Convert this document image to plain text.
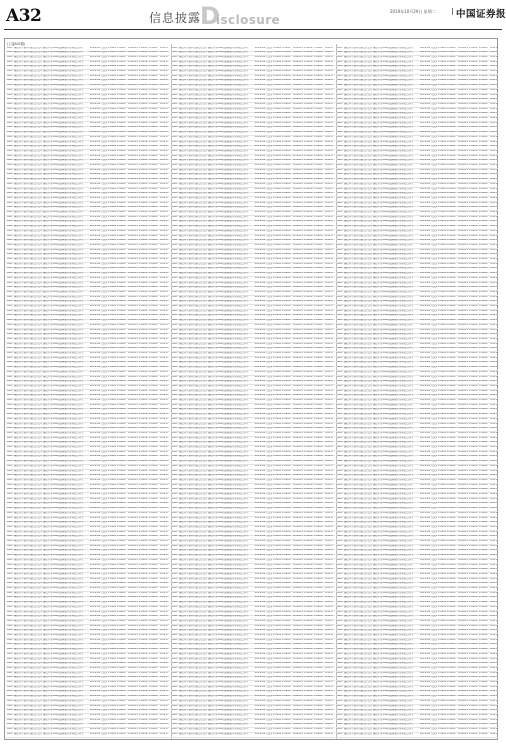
A32	信息披露
D
isclosure
2019年10月29日 星期二 中国证券报
(上接A31版)
0001 建信基金管理有限责任公司 建信中证500指数增强型证券投资基金	2019-09 人民币 1.0000 1.0000	0.0000% 1.0000 1.0000	0.00%
0001 建信基金管理有限责任公司 建信中证500指数增强型证券投资基金	2019-09 人民币 1.0000 1.0000	0.0000% 1.0000 1.0000	0.00%
0001 建信基金管理有限责任公司 建信中证500指数增强型证券投资基金	2019-09 人民币 1.0000 1.0000	0.0000% 1.0000 1.0000	0.00%
0001 建信基金管理有限责任公司 建信中证500指数增强型证券投资基金	2019-09 人民币 1.0000 1.0000	0.0000% 1.0000 1.0000	0.00%
0001 建信基金管理有限责任公司 建信中证500指数增强型证券投资基金	2019-09 人民币 1.0000 1.0000	0.0000% 1.0000 1.0000	0.00%
0001 建信基金管理有限责任公司 建信中证500指数增强型证券投资基金	2019-09 人民币 1.0000 1.0000	0.0000% 1.0000 1.0000	0.00%
0001 建信基金管理有限责任公司 建信中证500指数增强型证券投资基金	2019-09 人民币 1.0000 1.0000	0.0000% 1.0000 1.0000	0.00%
0001 建信基金管理有限责任公司 建信中证500指数增强型证券投资基金	2019-09 人民币 1.0000 1.0000	0.0000% 1.0000 1.0000	0.00%
0001 建信基金管理有限责任公司 建信中证500指数增强型证券投资基金	2019-09 人民币 1.0000 1.0000	0.0000% 1.0000 1.0000	0.00%
0001 建信基金管理有限责任公司 建信中证500指数增强型证券投资基金	2019-09 人民币 1.0000 1.0000	0.0000% 1.0000 1.0000	0.00%
0001 建信基金管理有限责任公司 建信中证500指数增强型证券投资基金	2019-09 人民币 1.0000 1.0000	0.0000% 1.0000 1.0000	0.00%
0001 建信基金管理有限责任公司 建信中证500指数增强型证券投资基金	2019-09 人民币 1.0000 1.0000	0.0000% 1.0000 1.0000	0.00%
0001 建信基金管理有限责任公司 建信中证500指数增强型证券投资基金	2019-09 人民币 1.0000 1.0000	0.0000% 1.0000 1.0000	0.00%
0001 建信基金管理有限责任公司 建信中证500指数增强型证券投资基金	2019-09 人民币 1.0000 1.0000	0.0000% 1.0000 1.0000	0.00%
0001 建信基金管理有限责任公司 建信中证500指数增强型证券投资基金	2019-09 人民币 1.0000 1.0000	0.0000% 1.0000 1.0000	0.00%
0001 建信基金管理有限责任公司 建信中证500指数增强型证券投资基金	2019-09 人民币 1.0000 1.0000	0.0000% 1.0000 1.0000	0.00%
0001 建信基金管理有限责任公司 建信中证500指数增强型证券投资基金	2019-09 人民币 1.0000 1.0000	0.0000% 1.0000 1.0000	0.00%
0001 建信基金管理有限责任公司 建信中证500指数增强型证券投资基金	2019-09 人民币 1.0000 1.0000	0.0000% 1.0000 1.0000	0.00%
0001 建信基金管理有限责任公司 建信中证500指数增强型证券投资基金	2019-09 人民币 1.0000 1.0000	0.0000% 1.0000 1.0000	0.00%
0001 建信基金管理有限责任公司 建信中证500指数增强型证券投资基金	2019-09 人民币 1.0000 1.0000	0.0000% 1.0000 1.0000	0.00%
0001 建信基金管理有限责任公司 建信中证500指数增强型证券投资基金	2019-09 人民币 1.0000 1.0000	0.0000% 1.0000 1.0000	0.00%
0001 建信基金管理有限责任公司 建信中证500指数增强型证券投资基金	2019-09 人民币 1.0000 1.0000	0.0000% 1.0000 1.0000	0.00%
0001 建信基金管理有限责任公司 建信中证500指数增强型证券投资基金	2019-09 人民币 1.0000 1.0000	0.0000% 1.0000 1.0000	0.00%
0001 建信基金管理有限责任公司 建信中证500指数增强型证券投资基金	2019-09 人民币 1.0000 1.0000	0.0000% 1.0000 1.0000	0.00%
0001 建信基金管理有限责任公司 建信中证500指数增强型证券投资基金	2019-09 人民币 1.0000 1.0000	0.0000% 1.0000 1.0000	0.00%
0001 建信基金管理有限责任公司 建信中证500指数增强型证券投资基金	2019-09 人民币 1.0000 1.0000	0.0000% 1.0000 1.0000	0.00%
0001 建信基金管理有限责任公司 建信中证500指数增强型证券投资基金	2019-09 人民币 1.0000 1.0000	0.0000% 1.0000 1.0000	0.00%
0001 建信基金管理有限责任公司 建信中证500指数增强型证券投资基金	2019-09 人民币 1.0000 1.0000	0.0000% 1.0000 1.0000	0.00%
0001 建信基金管理有限责任公司 建信中证500指数增强型证券投资基金	2019-09 人民币 1.0000 1.0000	0.0000% 1.0000 1.0000	0.00%
0001 建信基金管理有限责任公司 建信中证500指数增强型证券投资基金	2019-09 人民币 1.0000 1.0000	0.0000% 1.0000 1.0000	0.00%
0001 建信基金管理有限责任公司 建信中证500指数增强型证券投资基金	2019-09 人民币 1.0000 1.0000	0.0000% 1.0000 1.0000	0.00%
0001 建信基金管理有限责任公司 建信中证500指数增强型证券投资基金	2019-09 人民币 1.0000 1.0000	0.0000% 1.0000 1.0000	0.00%
0001 建信基金管理有限责任公司 建信中证500指数增强型证券投资基金	2019-09 人民币 1.0000 1.0000	0.0000% 1.0000 1.0000	0.00%
0001 建信基金管理有限责任公司 建信中证500指数增强型证券投资基金	2019-09 人民币 1.0000 1.0000	0.0000% 1.0000 1.0000	0.00%
0001 建信基金管理有限责任公司 建信中证500指数增强型证券投资基金	2019-09 人民币 1.0000 1.0000	0.0000% 1.0000 1.0000	0.00%
0001 建信基金管理有限责任公司 建信中证500指数增强型证券投资基金	2019-09 人民币 1.0000 1.0000	0.0000% 1.0000 1.0000	0.00%
0001 建信基金管理有限责任公司 建信中证500指数增强型证券投资基金	2019-09 人民币 1.0000 1.0000	0.0000% 1.0000 1.0000	0.00%
0001 建信基金管理有限责任公司 建信中证500指数增强型证券投资基金	2019-09 人民币 1.0000 1.0000	0.0000% 1.0000 1.0000	0.00%
0001 建信基金管理有限责任公司 建信中证500指数增强型证券投资基金	2019-09 人民币 1.0000 1.0000	0.0000% 1.0000 1.0000	0.00%
0001 建信基金管理有限责任公司 建信中证500指数增强型证券投资基金	2019-09 人民币 1.0000 1.0000	0.0000% 1.0000 1.0000	0.00%
0001 建信基金管理有限责任公司 建信中证500指数增强型证券投资基金	2019-09 人民币 1.0000 1.0000	0.0000% 1.0000 1.0000	0.00%
0001 建信基金管理有限责任公司 建信中证500指数增强型证券投资基金	2019-09 人民币 1.0000 1.0000	0.0000% 1.0000 1.0000	0.00%
0001 建信基金管理有限责任公司 建信中证500指数增强型证券投资基金	2019-09 人民币 1.0000 1.0000	0.0000% 1.0000 1.0000	0.00%
0001 建信基金管理有限责任公司 建信中证500指数增强型证券投资基金	2019-09 人民币 1.0000 1.0000	0.0000% 1.0000 1.0000	0.00%
0001 建信基金管理有限责任公司 建信中证500指数增强型证券投资基金	2019-09 人民币 1.0000 1.0000	0.0000% 1.0000 1.0000	0.00%
0001 建信基金管理有限责任公司 建信中证500指数增强型证券投资基金	2019-09 人民币 1.0000 1.0000	0.0000% 1.0000 1.0000	0.00%
0001 建信基金管理有限责任公司 建信中证500指数增强型证券投资基金	2019-09 人民币 1.0000 1.0000	0.0000% 1.0000 1.0000	0.00%
0001 建信基金管理有限责任公司 建信中证500指数增强型证券投资基金	2019-09 人民币 1.0000 1.0000	0.0000% 1.0000 1.0000	0.00%
0001 建信基金管理有限责任公司 建信中证500指数增强型证券投资基金	2019-09 人民币 1.0000 1.0000	0.0000% 1.0000 1.0000	0.00%
0001 建信基金管理有限责任公司 建信中证500指数增强型证券投资基金	2019-09 人民币 1.0000 1.0000	0.0000% 1.0000 1.0000	0.00%
0001 建信基金管理有限责任公司 建信中证500指数增强型证券投资基金	2019-09 人民币 1.0000 1.0000	0.0000% 1.0000 1.0000	0.00%
0001 建信基金管理有限责任公司 建信中证500指数增强型证券投资基金	2019-09 人民币 1.0000 1.0000	0.0000% 1.0000 1.0000	0.00%
0001 建信基金管理有限责任公司 建信中证500指数增强型证券投资基金	2019-09 人民币 1.0000 1.0000	0.0000% 1.0000 1.0000	0.00%
0001 建信基金管理有限责任公司 建信中证500指数增强型证券投资基金	2019-09 人民币 1.0000 1.0000	0.0000% 1.0000 1.0000	0.00%
0001 建信基金管理有限责任公司 建信中证500指数增强型证券投资基金	2019-09 人民币 1.0000 1.0000	0.0000% 1.0000 1.0000	0.00%
0001 建信基金管理有限责任公司 建信中证500指数增强型证券投资基金	2019-09 人民币 1.0000 1.0000	0.0000% 1.0000 1.0000	0.00%
0001 建信基金管理有限责任公司 建信中证500指数增强型证券投资基金	2019-09 人民币 1.0000 1.0000	0.0000% 1.0000 1.0000	0.00%
0001 建信基金管理有限责任公司 建信中证500指数增强型证券投资基金	2019-09 人民币 1.0000 1.0000	0.0000% 1.0000 1.0000	0.00%
0001 建信基金管理有限责任公司 建信中证500指数增强型证券投资基金	2019-09 人民币 1.0000 1.0000	0.0000% 1.0000 1.0000	0.00%
0001 建信基金管理有限责任公司 建信中证500指数增强型证券投资基金	2019-09 人民币 1.0000 1.0000	0.0000% 1.0000 1.0000	0.00%
0001 建信基金管理有限责任公司 建信中证500指数增强型证券投资基金	2019-09 人民币 1.0000 1.0000	0.0000% 1.0000 1.0000	0.00%
0001 建信基金管理有限责任公司 建信中证500指数增强型证券投资基金	2019-09 人民币 1.0000 1.0000	0.0000% 1.0000 1.0000	0.00%
0001 建信基金管理有限责任公司 建信中证500指数增强型证券投资基金	2019-09 人民币 1.0000 1.0000	0.0000% 1.0000 1.0000	0.00%
0001 建信基金管理有限责任公司 建信中证500指数增强型证券投资基金	2019-09 人民币 1.0000 1.0000	0.0000% 1.0000 1.0000	0.00%
0001 建信基金管理有限责任公司 建信中证500指数增强型证券投资基金	2019-09 人民币 1.0000 1.0000	0.0000% 1.0000 1.0000	0.00%
0001 建信基金管理有限责任公司 建信中证500指数增强型证券投资基金	2019-09 人民币 1.0000 1.0000	0.0000% 1.0000 1.0000	0.00%
0001 建信基金管理有限责任公司 建信中证500指数增强型证券投资基金	2019-09 人民币 1.0000 1.0000	0.0000% 1.0000 1.0000	0.00%
0001 建信基金管理有限责任公司 建信中证500指数增强型证券投资基金	2019-09 人民币 1.0000 1.0000	0.0000% 1.0000 1.0000	0.00%
0001 建信基金管理有限责任公司 建信中证500指数增强型证券投资基金	2019-09 人民币 1.0000 1.0000	0.0000% 1.0000 1.0000	0.00%
0001 建信基金管理有限责任公司 建信中证500指数增强型证券投资基金	2019-09 人民币 1.0000 1.0000	0.0000% 1.0000 1.0000	0.00%
0001 建信基金管理有限责任公司 建信中证500指数增强型证券投资基金	2019-09 人民币 1.0000 1.0000	0.0000% 1.0000 1.0000	0.00%
0001 建信基金管理有限责任公司 建信中证500指数增强型证券投资基金	2019-09 人民币 1.0000 1.0000	0.0000% 1.0000 1.0000	0.00%
0001 建信基金管理有限责任公司 建信中证500指数增强型证券投资基金	2019-09 人民币 1.0000 1.0000	0.0000% 1.0000 1.0000	0.00%
0001 建信基金管理有限责任公司 建信中证500指数增强型证券投资基金	2019-09 人民币 1.0000 1.0000	0.0000% 1.0000 1.0000	0.00%
0001 建信基金管理有限责任公司 建信中证500指数增强型证券投资基金	2019-09 人民币 1.0000 1.0000	0.0000% 1.0000 1.0000	0.00%
0001 建信基金管理有限责任公司 建信中证500指数增强型证券投资基金	2019-09 人民币 1.0000 1.0000	0.0000% 1.0000 1.0000	0.00%
0001 建信基金管理有限责任公司 建信中证500指数增强型证券投资基金	2019-09 人民币 1.0000 1.0000	0.0000% 1.0000 1.0000	0.00%
0001 建信基金管理有限责任公司 建信中证500指数增强型证券投资基金	2019-09 人民币 1.0000 1.0000	0.0000% 1.0000 1.0000	0.00%
0001 建信基金管理有限责任公司 建信中证500指数增强型证券投资基金	2019-09 人民币 1.0000 1.0000	0.0000% 1.0000 1.0000	0.00%
0001 建信基金管理有限责任公司 建信中证500指数增强型证券投资基金	2019-09 人民币 1.0000 1.0000	0.0000% 1.0000 1.0000	0.00%
0001 建信基金管理有限责任公司 建信中证500指数增强型证券投资基金	2019-09 人民币 1.0000 1.0000	0.0000% 1.0000 1.0000	0.00%
0001 建信基金管理有限责任公司 建信中证500指数增强型证券投资基金	2019-09 人民币 1.0000 1.0000	0.0000% 1.0000 1.0000	0.00%
0001 建信基金管理有限责任公司 建信中证500指数增强型证券投资基金	2019-09 人民币 1.0000 1.0000	0.0000% 1.0000 1.0000	0.00%
0001 建信基金管理有限责任公司 建信中证500指数增强型证券投资基金	2019-09 人民币 1.0000 1.0000	0.0000% 1.0000 1.0000	0.00%
0001 建信基金管理有限责任公司 建信中证500指数增强型证券投资基金	2019-09 人民币 1.0000 1.0000	0.0000% 1.0000 1.0000	0.00%
0001 建信基金管理有限责任公司 建信中证500指数增强型证券投资基金	2019-09 人民币 1.0000 1.0000	0.0000% 1.0000 1.0000	0.00%
0001 建信基金管理有限责任公司 建信中证500指数增强型证券投资基金	2019-09 人民币 1.0000 1.0000	0.0000% 1.0000 1.0000	0.00%
0001 建信基金管理有限责任公司 建信中证500指数增强型证券投资基金	2019-09 人民币 1.0000 1.0000	0.0000% 1.0000 1.0000	0.00%
0001 建信基金管理有限责任公司 建信中证500指数增强型证券投资基金	2019-09 人民币 1.0000 1.0000	0.0000% 1.0000 1.0000	0.00%
0001 建信基金管理有限责任公司 建信中证500指数增强型证券投资基金	2019-09 人民币 1.0000 1.0000	0.0000% 1.0000 1.0000	0.00%
0001 建信基金管理有限责任公司 建信中证500指数增强型证券投资基金	2019-09 人民币 1.0000 1.0000	0.0000% 1.0000 1.0000	0.00%
0001 建信基金管理有限责任公司 建信中证500指数增强型证券投资基金	2019-09 人民币 1.0000 1.0000	0.0000% 1.0000 1.0000	0.00%
0001 建信基金管理有限责任公司 建信中证500指数增强型证券投资基金	2019-09 人民币 1.0000 1.0000	0.0000% 1.0000 1.0000	0.00%
0001 建信基金管理有限责任公司 建信中证500指数增强型证券投资基金	2019-09 人民币 1.0000 1.0000	0.0000% 1.0000 1.0000	0.00%
0001 建信基金管理有限责任公司 建信中证500指数增强型证券投资基金	2019-09 人民币 1.0000 1.0000	0.0000% 1.0000 1.0000	0.00%
0001 建信基金管理有限责任公司 建信中证500指数增强型证券投资基金	2019-09 人民币 1.0000 1.0000	0.0000% 1.0000 1.0000	0.00%
0001 建信基金管理有限责任公司 建信中证500指数增强型证券投资基金	2019-09 人民币 1.0000 1.0000	0.0000% 1.0000 1.0000	0.00%
0001 建信基金管理有限责任公司 建信中证500指数增强型证券投资基金	2019-09 人民币 1.0000 1.0000	0.0000% 1.0000 1.0000	0.00%
0001 建信基金管理有限责任公司 建信中证500指数增强型证券投资基金	2019-09 人民币 1.0000 1.0000	0.0000% 1.0000 1.0000	0.00%
0001 建信基金管理有限责任公司 建信中证500指数增强型证券投资基金	2019-09 人民币 1.0000 1.0000	0.0000% 1.0000 1.0000	0.00%
0001 建信基金管理有限责任公司 建信中证500指数增强型证券投资基金	2019-09 人民币 1.0000 1.0000	0.0000% 1.0000 1.0000	0.00%
0001 建信基金管理有限责任公司 建信中证500指数增强型证券投资基金	2019-09 人民币 1.0000 1.0000	0.0000% 1.0000 1.0000	0.00%
0001 建信基金管理有限责任公司 建信中证500指数增强型证券投资基金	2019-09 人民币 1.0000 1.0000	0.0000% 1.0000 1.0000	0.00%
0001 建信基金管理有限责任公司 建信中证500指数增强型证券投资基金	2019-09 人民币 1.0000 1.0000	0.0000% 1.0000 1.0000	0.00%
0001 建信基金管理有限责任公司 建信中证500指数增强型证券投资基金	2019-09 人民币 1.0000 1.0000	0.0000% 1.0000 1.0000	0.00%
0001 建信基金管理有限责任公司 建信中证500指数增强型证券投资基金	2019-09 人民币 1.0000 1.0000	0.0000% 1.0000 1.0000	0.00%
0001 建信基金管理有限责任公司 建信中证500指数增强型证券投资基金	2019-09 人民币 1.0000 1.0000	0.0000% 1.0000 1.0000	0.00%
0001 建信基金管理有限责任公司 建信中证500指数增强型证券投资基金	2019-09 人民币 1.0000 1.0000	0.0000% 1.0000 1.0000	0.00%
0001 建信基金管理有限责任公司 建信中证500指数增强型证券投资基金	2019-09 人民币 1.0000 1.0000	0.0000% 1.0000 1.0000	0.00%
0001 建信基金管理有限责任公司 建信中证500指数增强型证券投资基金	2019-09 人民币 1.0000 1.0000	0.0000% 1.0000 1.0000	0.00%
0001 建信基金管理有限责任公司 建信中证500指数增强型证券投资基金	2019-09 人民币 1.0000 1.0000	0.0000% 1.0000 1.0000	0.00%
0001 建信基金管理有限责任公司 建信中证500指数增强型证券投资基金	2019-09 人民币 1.0000 1.0000	0.0000% 1.0000 1.0000	0.00%
0001 建信基金管理有限责任公司 建信中证500指数增强型证券投资基金	2019-09 人民币 1.0000 1.0000	0.0000% 1.0000 1.0000	0.00%
0001 建信基金管理有限责任公司 建信中证500指数增强型证券投资基金	2019-09 人民币 1.0000 1.0000	0.0000% 1.0000 1.0000	0.00%
0001 建信基金管理有限责任公司 建信中证500指数增强型证券投资基金	2019-09 人民币 1.0000 1.0000	0.0000% 1.0000 1.0000	0.00%
0001 建信基金管理有限责任公司 建信中证500指数增强型证券投资基金	2019-09 人民币 1.0000 1.0000	0.0000% 1.0000 1.0000	0.00%
0001 建信基金管理有限责任公司 建信中证500指数增强型证券投资基金	2019-09 人民币 1.0000 1.0000	0.0000% 1.0000 1.0000	0.00%
0001 建信基金管理有限责任公司 建信中证500指数增强型证券投资基金	2019-09 人民币 1.0000 1.0000	0.0000% 1.0000 1.0000	0.00%
0001 建信基金管理有限责任公司 建信中证500指数增强型证券投资基金	2019-09 人民币 1.0000 1.0000	0.0000% 1.0000 1.0000	0.00%
0001 建信基金管理有限责任公司 建信中证500指数增强型证券投资基金	2019-09 人民币 1.0000 1.0000	0.0000% 1.0000 1.0000	0.00%
0001 建信基金管理有限责任公司 建信中证500指数增强型证券投资基金	2019-09 人民币 1.0000 1.0000	0.0000% 1.0000 1.0000	0.00%
0001 建信基金管理有限责任公司 建信中证500指数增强型证券投资基金	2019-09 人民币 1.0000 1.0000	0.0000% 1.0000 1.0000	0.00%
0001 建信基金管理有限责任公司 建信中证500指数增强型证券投资基金	2019-09 人民币 1.0000 1.0000	0.0000% 1.0000 1.0000	0.00%
0001 建信基金管理有限责任公司 建信中证500指数增强型证券投资基金	2019-09 人民币 1.0000 1.0000	0.0000% 1.0000 1.0000	0.00%
0001 建信基金管理有限责任公司 建信中证500指数增强型证券投资基金	2019-09 人民币 1.0000 1.0000	0.0000% 1.0000 1.0000	0.00%
0001 建信基金管理有限责任公司 建信中证500指数增强型证券投资基金	2019-09 人民币 1.0000 1.0000	0.0000% 1.0000 1.0000	0.00%
0001 建信基金管理有限责任公司 建信中证500指数增强型证券投资基金	2019-09 人民币 1.0000 1.0000	0.0000% 1.0000 1.0000	0.00%
0001 建信基金管理有限责任公司 建信中证500指数增强型证券投资基金	2019-09 人民币 1.0000 1.0000	0.0000% 1.0000 1.0000	0.00%
0001 建信基金管理有限责任公司 建信中证500指数增强型证券投资基金	2019-09 人民币 1.0000 1.0000	0.0000% 1.0000 1.0000	0.00%
0001 建信基金管理有限责任公司 建信中证500指数增强型证券投资基金	2019-09 人民币 1.0000 1.0000	0.0000% 1.0000 1.0000	0.00%
0001 建信基金管理有限责任公司 建信中证500指数增强型证券投资基金	2019-09 人民币 1.0000 1.0000	0.0000% 1.0000 1.0000	0.00%
0001 建信基金管理有限责任公司 建信中证500指数增强型证券投资基金	2019-09 人民币 1.0000 1.0000	0.0000% 1.0000 1.0000	0.00%
0001 建信基金管理有限责任公司 建信中证500指数增强型证券投资基金	2019-09 人民币 1.0000 1.0000	0.0000% 1.0000 1.0000	0.00%
0001 建信基金管理有限责任公司 建信中证500指数增强型证券投资基金	2019-09 人民币 1.0000 1.0000	0.0000% 1.0000 1.0000	0.00%
0001 建信基金管理有限责任公司 建信中证500指数增强型证券投资基金	2019-09 人民币 1.0000 1.0000	0.0000% 1.0000 1.0000	0.00%
0001 建信基金管理有限责任公司 建信中证500指数增强型证券投资基金	2019-09 人民币 1.0000 1.0000	0.0000% 1.0000 1.0000	0.00%
0001 建信基金管理有限责任公司 建信中证500指数增强型证券投资基金	2019-09 人民币 1.0000 1.0000	0.0000% 1.0000 1.0000	0.00%
0001 建信基金管理有限责任公司 建信中证500指数增强型证券投资基金	2019-09 人民币 1.0000 1.0000	0.0000% 1.0000 1.0000	0.00%
0001 建信基金管理有限责任公司 建信中证500指数增强型证券投资基金	2019-09 人民币 1.0000 1.0000	0.0000% 1.0000 1.0000	0.00%
0001 建信基金管理有限责任公司 建信中证500指数增强型证券投资基金	2019-09 人民币 1.0000 1.0000	0.0000% 1.0000 1.0000	0.00%
0001 建信基金管理有限责任公司 建信中证500指数增强型证券投资基金	2019-09 人民币 1.0000 1.0000	0.0000% 1.0000 1.0000	0.00%
0001 建信基金管理有限责任公司 建信中证500指数增强型证券投资基金	2019-09 人民币 1.0000 1.0000	0.0000% 1.0000 1.0000	0.00%
0001 建信基金管理有限责任公司 建信中证500指数增强型证券投资基金	2019-09 人民币 1.0000 1.0000	0.0000% 1.0000 1.0000	0.00%
0001 建信基金管理有限责任公司 建信中证500指数增强型证券投资基金	2019-09 人民币 1.0000 1.0000	0.0000% 1.0000 1.0000	0.00%
0001 建信基金管理有限责任公司 建信中证500指数增强型证券投资基金	2019-09 人民币 1.0000 1.0000	0.0000% 1.0000 1.0000	0.00%
0001 建信基金管理有限责任公司 建信中证500指数增强型证券投资基金	2019-09 人民币 1.0000 1.0000	0.0000% 1.0000 1.0000	0.00%
0001 建信基金管理有限责任公司 建信中证500指数增强型证券投资基金	2019-09 人民币 1.0000 1.0000	0.0000% 1.0000 1.0000	0.00%
0001 建信基金管理有限责任公司 建信中证500指数增强型证券投资基金	2019-09 人民币 1.0000 1.0000	0.0000% 1.0000 1.0000	0.00%
0001 建信基金管理有限责任公司 建信中证500指数增强型证券投资基金	2019-09 人民币 1.0000 1.0000	0.0000% 1.0000 1.0000	0.00%
0001 建信基金管理有限责任公司 建信中证500指数增强型证券投资基金	2019-09 人民币 1.0000 1.0000	0.0000% 1.0000 1.0000	0.00%
0001 建信基金管理有限责任公司 建信中证500指数增强型证券投资基金	2019-09 人民币 1.0000 1.0000	0.0000% 1.0000 1.0000	0.00%
0001 建信基金管理有限责任公司 建信中证500指数增强型证券投资基金	2019-09 人民币 1.0000 1.0000	0.0000% 1.0000 1.0000	0.00%
0001 建信基金管理有限责任公司 建信中证500指数增强型证券投资基金	2019-09 人民币 1.0000 1.0000	0.0000% 1.0000 1.0000	0.00%
0001 建信基金管理有限责任公司 建信中证500指数增强型证券投资基金	2019-09 人民币 1.0000 1.0000	0.0000% 1.0000 1.0000	0.00%
0001 建信基金管理有限责任公司 建信中证500指数增强型证券投资基金	2019-09 人民币 1.0000 1.0000	0.0000% 1.0000 1.0000	0.00%
0001 建信基金管理有限责任公司 建信中证500指数增强型证券投资基金	2019-09 人民币 1.0000 1.0000	0.0000% 1.0000 1.0000	0.00%
0001 建信基金管理有限责任公司 建信中证500指数增强型证券投资基金	2019-09 人民币 1.0000 1.0000	0.0000% 1.0000 1.0000	0.00%
0001 建信基金管理有限责任公司 建信中证500指数增强型证券投资基金	2019-09 人民币 1.0000 1.0000	0.0000% 1.0000 1.0000	0.00%
0001 建信基金管理有限责任公司 建信中证500指数增强型证券投资基金	2019-09 人民币 1.0000 1.0000	0.0000% 1.0000 1.0000	0.00%
0001 建信基金管理有限责任公司 建信中证500指数增强型证券投资基金	2019-09 人民币 1.0000 1.0000	0.0000% 1.0000 1.0000	0.00%
0001 建信基金管理有限责任公司 建信中证500指数增强型证券投资基金	2019-09 人民币 1.0000 1.0000	0.0000% 1.0000 1.0000	0.00%
0001 建信基金管理有限责任公司 建信中证500指数增强型证券投资基金	2019-09 人民币 1.0000 1.0000	0.0000% 1.0000 1.0000	0.00%
0001 建信基金管理有限责任公司 建信中证500指数增强型证券投资基金	2019-09 人民币 1.0000 1.0000	0.0000% 1.0000 1.0000	0.00%
0001 建信基金管理有限责任公司 建信中证500指数增强型证券投资基金	2019-09 人民币 1.0000 1.0000	0.0000% 1.0000 1.0000	0.00%
0001 建信基金管理有限责任公司 建信中证500指数增强型证券投资基金	2019-09 人民币 1.0000 1.0000	0.0000% 1.0000 1.0000	0.00%
0001 建信基金管理有限责任公司 建信中证500指数增强型证券投资基金	2019-09 人民币 1.0000 1.0000	0.0000% 1.0000 1.0000	0.00%
0001 建信基金管理有限责任公司 建信中证500指数增强型证券投资基金	2019-09 人民币 1.0000 1.0000	0.0000% 1.0000 1.0000	0.00%
0001 建信基金管理有限责任公司 建信中证500指数增强型证券投资基金	2019-09 人民币 1.0000 1.0000	0.0000% 1.0000 1.0000	0.00%
0001 建信基金管理有限责任公司 建信中证500指数增强型证券投资基金	2019-09 人民币 1.0000 1.0000	0.0000% 1.0000 1.0000	0.00%
0001 建信基金管理有限责任公司 建信中证500指数增强型证券投资基金	2019-09 人民币 1.0000 1.0000	0.0000% 1.0000 1.0000	0.00%
0001 建信基金管理有限责任公司 建信中证500指数增强型证券投资基金	2019-09 人民币 1.0000 1.0000	0.0000% 1.0000 1.0000	0.00%
0001 建信基金管理有限责任公司 建信中证500指数增强型证券投资基金	2019-09 人民币 1.0000 1.0000	0.0000% 1.0000 1.0000	0.00%
0001 建信基金管理有限责任公司 建信中证500指数增强型证券投资基金	2019-09 人民币 1.0000 1.0000	0.0000% 1.0000 1.0000	0.00%
0001 建信基金管理有限责任公司 建信中证500指数增强型证券投资基金	2019-09 人民币 1.0000 1.0000	0.0000% 1.0000 1.0000	0.00%
0001 建信基金管理有限责任公司 建信中证500指数增强型证券投资基金	2019-09 人民币 1.0000 1.0000	0.0000% 1.0000 1.0000	0.00%
0001 建信基金管理有限责任公司 建信中证500指数增强型证券投资基金	2019-09 人民币 1.0000 1.0000	0.0000% 1.0000 1.0000	0.00%
0001 建信基金管理有限责任公司 建信中证500指数增强型证券投资基金	2019-09 人民币 1.0000 1.0000	0.0000% 1.0000 1.0000	0.00%
0001 建信基金管理有限责任公司 建信中证500指数增强型证券投资基金	2019-09 人民币 1.0000 1.0000	0.0000% 1.0000 1.0000	0.00%
0001 建信基金管理有限责任公司 建信中证500指数增强型证券投资基金	2019-09 人民币 1.0000 1.0000	0.0000% 1.0000 1.0000	0.00%
0001 建信基金管理有限责任公司 建信中证500指数增强型证券投资基金	2019-09 人民币 1.0000 1.0000	0.0000% 1.0000 1.0000	0.00%
0001 建信基金管理有限责任公司 建信中证500指数增强型证券投资基金	2019-09 人民币 1.0000 1.0000	0.0000% 1.0000 1.0000	0.00%
0001 建信基金管理有限责任公司 建信中证500指数增强型证券投资基金	2019-09 人民币 1.0000 1.0000	0.0000% 1.0000 1.0000	0.00%
0001 建信基金管理有限责任公司 建信中证500指数增强型证券投资基金	2019-09 人民币 1.0000 1.0000	0.0000% 1.0000 1.0000	0.00%
0001 建信基金管理有限责任公司 建信中证500指数增强型证券投资基金	2019-09 人民币 1.0000 1.0000	0.0000% 1.0000 1.0000	0.00%
0001 建信基金管理有限责任公司 建信中证500指数增强型证券投资基金	2019-09 人民币 1.0000 1.0000	0.0000% 1.0000 1.0000	0.00%
0001 建信基金管理有限责任公司 建信中证500指数增强型证券投资基金	2019-09 人民币 1.0000 1.0000	0.0000% 1.0000 1.0000	0.00%
0001 建信基金管理有限责任公司 建信中证500指数增强型证券投资基金	2019-09 人民币 1.0000 1.0000	0.0000% 1.0000 1.0000	0.00%
0001 建信基金管理有限责任公司 建信中证500指数增强型证券投资基金	2019-09 人民币 1.0000 1.0000	0.0000% 1.0000 1.0000	0.00%
0001 建信基金管理有限责任公司 建信中证500指数增强型证券投资基金	2019-09 人民币 1.0000 1.0000	0.0000% 1.0000 1.0000	0.00%
0001 建信基金管理有限责任公司 建信中证500指数增强型证券投资基金	2019-09 人民币 1.0000 1.0000	0.0000% 1.0000 1.0000	0.00%
0001 建信基金管理有限责任公司 建信中证500指数增强型证券投资基金	2019-09 人民币 1.0000 1.0000	0.0000% 1.0000 1.0000	0.00%
0001 建信基金管理有限责任公司 建信中证500指数增强型证券投资基金	2019-09 人民币 1.0000 1.0000	0.0000% 1.0000 1.0000	0.00%
0001 建信基金管理有限责任公司 建信中证500指数增强型证券投资基金	2019-09 人民币 1.0000 1.0000	0.0000% 1.0000 1.0000	0.00%
0001 建信基金管理有限责任公司 建信中证500指数增强型证券投资基金	2019-09 人民币 1.0000 1.0000	0.0000% 1.0000 1.0000	0.00%
0001 建信基金管理有限责任公司 建信中证500指数增强型证券投资基金	2019-09 人民币 1.0000 1.0000	0.0000% 1.0000 1.0000	0.00%
0001 建信基金管理有限责任公司 建信中证500指数增强型证券投资基金	2019-09 人民币 1.0000 1.0000	0.0000% 1.0000 1.0000	0.00%
0001 建信基金管理有限责任公司 建信中证500指数增强型证券投资基金	2019-09 人民币 1.0000 1.0000	0.0000% 1.0000 1.0000	0.00%
0001 建信基金管理有限责任公司 建信中证500指数增强型证券投资基金	2019-09 人民币 1.0000 1.0000	0.0000% 1.0000 1.0000	0.00%
0001 建信基金管理有限责任公司 建信中证500指数增强型证券投资基金	2019-09 人民币 1.0000 1.0000	0.0000% 1.0000 1.0000	0.00%
0001 建信基金管理有限责任公司 建信中证500指数增强型证券投资基金	2019-09 人民币 1.0000 1.0000	0.0000% 1.0000 1.0000	0.00%
0001 建信基金管理有限责任公司 建信中证500指数增强型证券投资基金	2019-09 人民币 1.0000 1.0000	0.0000% 1.0000 1.0000	0.00%
0001 建信基金管理有限责任公司 建信中证500指数增强型证券投资基金	2019-09 人民币 1.0000 1.0000	0.0000% 1.0000 1.0000	0.00%
0001 建信基金管理有限责任公司 建信中证500指数增强型证券投资基金	2019-09 人民币 1.0000 1.0000	0.0000% 1.0000 1.0000	0.00%
0001 建信基金管理有限责任公司 建信中证500指数增强型证券投资基金	2019-09 人民币 1.0000 1.0000	0.0000% 1.0000 1.0000	0.00%
0001 建信基金管理有限责任公司 建信中证500指数增强型证券投资基金	2019-09 人民币 1.0000 1.0000	0.0000% 1.0000 1.0000	0.00%
0001 建信基金管理有限责任公司 建信中证500指数增强型证券投资基金	2019-09 人民币 1.0000 1.0000	0.0000% 1.0000 1.0000	0.00%
0001 建信基金管理有限责任公司 建信中证500指数增强型证券投资基金	2019-09 人民币 1.0000 1.0000	0.0000% 1.0000 1.0000	0.00%
0001 建信基金管理有限责任公司 建信中证500指数增强型证券投资基金	2019-09 人民币 1.0000 1.0000	0.0000% 1.0000 1.0000	0.00%
0001 建信基金管理有限责任公司 建信中证500指数增强型证券投资基金	2019-09 人民币 1.0000 1.0000	0.0000% 1.0000 1.0000	0.00%
0001 建信基金管理有限责任公司 建信中证500指数增强型证券投资基金	2019-09 人民币 1.0000 1.0000	0.0000% 1.0000 1.0000	0.00%
0001 建信基金管理有限责任公司 建信中证500指数增强型证券投资基金	2019-09 人民币 1.0000 1.0000	0.0000% 1.0000 1.0000	0.00%
0001 建信基金管理有限责任公司 建信中证500指数增强型证券投资基金	2019-09 人民币 1.0000 1.0000	0.0000% 1.0000 1.0000	0.00%
0001 建信基金管理有限责任公司 建信中证500指数增强型证券投资基金	2019-09 人民币 1.0000 1.0000	0.0000% 1.0000 1.0000	0.00%
0001 建信基金管理有限责任公司 建信中证500指数增强型证券投资基金	2019-09 人民币 1.0000 1.0000	0.0000% 1.0000 1.0000	0.00%
0001 建信基金管理有限责任公司 建信中证500指数增强型证券投资基金	2019-09 人民币 1.0000 1.0000	0.0000% 1.0000 1.0000	0.00%
0001 建信基金管理有限责任公司 建信中证500指数增强型证券投资基金	2019-09 人民币 1.0000 1.0000	0.0000% 1.0000 1.0000	0.00%
0001 建信基金管理有限责任公司 建信中证500指数增强型证券投资基金	2019-09 人民币 1.0000 1.0000	0.0000% 1.0000 1.0000	0.00%
0001 建信基金管理有限责任公司 建信中证500指数增强型证券投资基金	2019-09 人民币 1.0000 1.0000	0.0000% 1.0000 1.0000	0.00%
0001 建信基金管理有限责任公司 建信中证500指数增强型证券投资基金	2019-09 人民币 1.0000 1.0000	0.0000% 1.0000 1.0000	0.00%
0001 建信基金管理有限责任公司 建信中证500指数增强型证券投资基金	2019-09 人民币 1.0000 1.0000	0.0000% 1.0000 1.0000	0.00%
0001 建信基金管理有限责任公司 建信中证500指数增强型证券投资基金	2019-09 人民币 1.0000 1.0000	0.0000% 1.0000 1.0000	0.00%
0001 建信基金管理有限责任公司 建信中证500指数增强型证券投资基金	2019-09 人民币 1.0000 1.0000	0.0000% 1.0000 1.0000	0.00%
0001 建信基金管理有限责任公司 建信中证500指数增强型证券投资基金	2019-09 人民币 1.0000 1.0000	0.0000% 1.0000 1.0000	0.00%
0001 建信基金管理有限责任公司 建信中证500指数增强型证券投资基金	2019-09 人民币 1.0000 1.0000	0.0000% 1.0000 1.0000	0.00%
0001 建信基金管理有限责任公司 建信中证500指数增强型证券投资基金	2019-09 人民币 1.0000 1.0000	0.0000% 1.0000 1.0000	0.00%
0001 建信基金管理有限责任公司 建信中证500指数增强型证券投资基金	2019-09 人民币 1.0000 1.0000	0.0000% 1.0000 1.0000	0.00%
0001 建信基金管理有限责任公司 建信中证500指数增强型证券投资基金	2019-09 人民币 1.0000 1.0000	0.0000% 1.0000 1.0000	0.00%
0001 建信基金管理有限责任公司 建信中证500指数增强型证券投资基金	2019-09 人民币 1.0000 1.0000	0.0000% 1.0000 1.0000	0.00%
0001 建信基金管理有限责任公司 建信中证500指数增强型证券投资基金	2019-09 人民币 1.0000 1.0000	0.0000% 1.0000 1.0000	0.00%
0001 建信基金管理有限责任公司 建信中证500指数增强型证券投资基金	2019-09 人民币 1.0000 1.0000	0.0000% 1.0000 1.0000	0.00%
0001 建信基金管理有限责任公司 建信中证500指数增强型证券投资基金	2019-09 人民币 1.0000 1.0000	0.0000% 1.0000 1.0000	0.00%
0001 建信基金管理有限责任公司 建信中证500指数增强型证券投资基金	2019-09 人民币 1.0000 1.0000	0.0000% 1.0000 1.0000	0.00%
0001 建信基金管理有限责任公司 建信中证500指数增强型证券投资基金	2019-09 人民币 1.0000 1.0000	0.0000% 1.0000 1.0000	0.00%
0001 建信基金管理有限责任公司 建信中证500指数增强型证券投资基金	2019-09 人民币 1.0000 1.0000	0.0000% 1.0000 1.0000	0.00%
0001 建信基金管理有限责任公司 建信中证500指数增强型证券投资基金	2019-09 人民币 1.0000 1.0000	0.0000% 1.0000 1.0000	0.00%
0001 建信基金管理有限责任公司 建信中证500指数增强型证券投资基金	2019-09 人民币 1.0000 1.0000	0.0000% 1.0000 1.0000	0.00%
0001 建信基金管理有限责任公司 建信中证500指数增强型证券投资基金	2019-09 人民币 1.0000 1.0000	0.0000% 1.0000 1.0000	0.00%
0001 建信基金管理有限责任公司 建信中证500指数增强型证券投资基金	2019-09 人民币 1.0000 1.0000	0.0000% 1.0000 1.0000	0.00%
0001 建信基金管理有限责任公司 建信中证500指数增强型证券投资基金	2019-09 人民币 1.0000 1.0000	0.0000% 1.0000 1.0000	0.00%
0001 建信基金管理有限责任公司 建信中证500指数增强型证券投资基金	2019-09 人民币 1.0000 1.0000	0.0000% 1.0000 1.0000	0.00%
0001 建信基金管理有限责任公司 建信中证500指数增强型证券投资基金	2019-09 人民币 1.0000 1.0000	0.0000% 1.0000 1.0000	0.00%
0001 建信基金管理有限责任公司 建信中证500指数增强型证券投资基金	2019-09 人民币 1.0000 1.0000	0.0000% 1.0000 1.0000	0.00%
0001 建信基金管理有限责任公司 建信中证500指数增强型证券投资基金	2019-09 人民币 1.0000 1.0000	0.0000% 1.0000 1.0000	0.00%
0001 建信基金管理有限责任公司 建信中证500指数增强型证券投资基金	2019-09 人民币 1.0000 1.0000	0.0000% 1.0000 1.0000	0.00%
0001 建信基金管理有限责任公司 建信中证500指数增强型证券投资基金	2019-09 人民币 1.0000 1.0000	0.0000% 1.0000 1.0000	0.00%
0001 建信基金管理有限责任公司 建信中证500指数增强型证券投资基金	2019-09 人民币 1.0000 1.0000	0.0000% 1.0000 1.0000	0.00%
0001 建信基金管理有限责任公司 建信中证500指数增强型证券投资基金	2019-09 人民币 1.0000 1.0000	0.0000% 1.0000 1.0000	0.00%
0001 建信基金管理有限责任公司 建信中证500指数增强型证券投资基金	2019-09 人民币 1.0000 1.0000	0.0000% 1.0000 1.0000	0.00%
0001 建信基金管理有限责任公司 建信中证500指数增强型证券投资基金	2019-09 人民币 1.0000 1.0000	0.0000% 1.0000 1.0000	0.00%
0001 建信基金管理有限责任公司 建信中证500指数增强型证券投资基金	2019-09 人民币 1.0000 1.0000	0.0000% 1.0000 1.0000	0.00%
0001 建信基金管理有限责任公司 建信中证500指数增强型证券投资基金	2019-09 人民币 1.0000 1.0000	0.0000% 1.0000 1.0000	0.00%
0001 建信基金管理有限责任公司 建信中证500指数增强型证券投资基金	2019-09 人民币 1.0000 1.0000	0.0000% 1.0000 1.0000	0.00%
0001 建信基金管理有限责任公司 建信中证500指数增强型证券投资基金	2019-09 人民币 1.0000 1.0000	0.0000% 1.0000 1.0000	0.00%
0001 建信基金管理有限责任公司 建信中证500指数增强型证券投资基金	2019-09 人民币 1.0000 1.0000	0.0000% 1.0000 1.0000	0.00%
0001 建信基金管理有限责任公司 建信中证500指数增强型证券投资基金	2019-09 人民币 1.0000 1.0000	0.0000% 1.0000 1.0000	0.00%
0001 建信基金管理有限责任公司 建信中证500指数增强型证券投资基金	2019-09 人民币 1.0000 1.0000	0.0000% 1.0000 1.0000	0.00%
0001 建信基金管理有限责任公司 建信中证500指数增强型证券投资基金	2019-09 人民币 1.0000 1.0000	0.0000% 1.0000 1.0000	0.00%
0001 建信基金管理有限责任公司 建信中证500指数增强型证券投资基金	2019-09 人民币 1.0000 1.0000	0.0000% 1.0000 1.0000	0.00%
0001 建信基金管理有限责任公司 建信中证500指数增强型证券投资基金	2019-09 人民币 1.0000 1.0000	0.0000% 1.0000 1.0000	0.00%
0001 建信基金管理有限责任公司 建信中证500指数增强型证券投资基金	2019-09 人民币 1.0000 1.0000	0.0000% 1.0000 1.0000	0.00%
0001 建信基金管理有限责任公司 建信中证500指数增强型证券投资基金	2019-09 人民币 1.0000 1.0000	0.0000% 1.0000 1.0000	0.00%
0001 建信基金管理有限责任公司 建信中证500指数增强型证券投资基金	2019-09 人民币 1.0000 1.0000	0.0000% 1.0000 1.0000	0.00%
0001 建信基金管理有限责任公司 建信中证500指数增强型证券投资基金	2019-09 人民币 1.0000 1.0000	0.0000% 1.0000 1.0000	0.00%
0001 建信基金管理有限责任公司 建信中证500指数增强型证券投资基金	2019-09 人民币 1.0000 1.0000	0.0000% 1.0000 1.0000	0.00%
0001 建信基金管理有限责任公司 建信中证500指数增强型证券投资基金	2019-09 人民币 1.0000 1.0000	0.0000% 1.0000 1.0000	0.00%
0001 建信基金管理有限责任公司 建信中证500指数增强型证券投资基金	2019-09 人民币 1.0000 1.0000	0.0000% 1.0000 1.0000	0.00%
0001 建信基金管理有限责任公司 建信中证500指数增强型证券投资基金	2019-09 人民币 1.0000 1.0000	0.0000% 1.0000 1.0000	0.00%
0001 建信基金管理有限责任公司 建信中证500指数增强型证券投资基金	2019-09 人民币 1.0000 1.0000	0.0000% 1.0000 1.0000	0.00%
0001 建信基金管理有限责任公司 建信中证500指数增强型证券投资基金	2019-09 人民币 1.0000 1.0000	0.0000% 1.0000 1.0000	0.00%
0001 建信基金管理有限责任公司 建信中证500指数增强型证券投资基金	2019-09 人民币 1.0000 1.0000	0.0000% 1.0000 1.0000	0.00%
0001 建信基金管理有限责任公司 建信中证500指数增强型证券投资基金	2019-09 人民币 1.0000 1.0000	0.0000% 1.0000 1.0000	0.00%
0001 建信基金管理有限责任公司 建信中证500指数增强型证券投资基金	2019-09 人民币 1.0000 1.0000	0.0000% 1.0000 1.0000	0.00%
0001 建信基金管理有限责任公司 建信中证500指数增强型证券投资基金	2019-09 人民币 1.0000 1.0000	0.0000% 1.0000 1.0000	0.00%
0001 建信基金管理有限责任公司 建信中证500指数增强型证券投资基金	2019-09 人民币 1.0000 1.0000	0.0000% 1.0000 1.0000	0.00%
0001 建信基金管理有限责任公司 建信中证500指数增强型证券投资基金	2019-09 人民币 1.0000 1.0000	0.0000% 1.0000 1.0000	0.00%
0001 建信基金管理有限责任公司 建信中证500指数增强型证券投资基金	2019-09 人民币 1.0000 1.0000	0.0000% 1.0000 1.0000	0.00%
0001 建信基金管理有限责任公司 建信中证500指数增强型证券投资基金	2019-09 人民币 1.0000 1.0000	0.0000% 1.0000 1.0000	0.00%
0001 建信基金管理有限责任公司 建信中证500指数增强型证券投资基金	2019-09 人民币 1.0000 1.0000	0.0000% 1.0000 1.0000	0.00%
0001 建信基金管理有限责任公司 建信中证500指数增强型证券投资基金	2019-09 人民币 1.0000 1.0000	0.0000% 1.0000 1.0000	0.00%
0001 建信基金管理有限责任公司 建信中证500指数增强型证券投资基金	2019-09 人民币 1.0000 1.0000	0.0000% 1.0000 1.0000	0.00%
0001 建信基金管理有限责任公司 建信中证500指数增强型证券投资基金	2019-09 人民币 1.0000 1.0000	0.0000% 1.0000 1.0000	0.00%
0001 建信基金管理有限责任公司 建信中证500指数增强型证券投资基金	2019-09 人民币 1.0000 1.0000	0.0000% 1.0000 1.0000	0.00%
0001 建信基金管理有限责任公司 建信中证500指数增强型证券投资基金	2019-09 人民币 1.0000 1.0000	0.0000% 1.0000 1.0000	0.00%
0001 建信基金管理有限责任公司 建信中证500指数增强型证券投资基金	2019-09 人民币 1.0000 1.0000	0.0000% 1.0000 1.0000	0.00%
0001 建信基金管理有限责任公司 建信中证500指数增强型证券投资基金	2019-09 人民币 1.0000 1.0000	0.0000% 1.0000 1.0000	0.00%
0001 建信基金管理有限责任公司 建信中证500指数增强型证券投资基金	2019-09 人民币 1.0000 1.0000	0.0000% 1.0000 1.0000	0.00%
0001 建信基金管理有限责任公司 建信中证500指数增强型证券投资基金	2019-09 人民币 1.0000 1.0000	0.0000% 1.0000 1.0000	0.00%
0001 建信基金管理有限责任公司 建信中证500指数增强型证券投资基金	2019-09 人民币 1.0000 1.0000	0.0000% 1.0000 1.0000	0.00%
0001 建信基金管理有限责任公司 建信中证500指数增强型证券投资基金	2019-09 人民币 1.0000 1.0000	0.0000% 1.0000 1.0000	0.00%
0001 建信基金管理有限责任公司 建信中证500指数增强型证券投资基金	2019-09 人民币 1.0000 1.0000	0.0000% 1.0000 1.0000	0.00%
0001 建信基金管理有限责任公司 建信中证500指数增强型证券投资基金	2019-09 人民币 1.0000 1.0000	0.0000% 1.0000 1.0000	0.00%
0001 建信基金管理有限责任公司 建信中证500指数增强型证券投资基金	2019-09 人民币 1.0000 1.0000	0.0000% 1.0000 1.0000	0.00%
0001 建信基金管理有限责任公司 建信中证500指数增强型证券投资基金	2019-09 人民币 1.0000 1.0000	0.0000% 1.0000 1.0000	0.00%
0001 建信基金管理有限责任公司 建信中证500指数增强型证券投资基金	2019-09 人民币 1.0000 1.0000	0.0000% 1.0000 1.0000	0.00%
0001 建信基金管理有限责任公司 建信中证500指数增强型证券投资基金	2019-09 人民币 1.0000 1.0000	0.0000% 1.0000 1.0000	0.00%
0001 建信基金管理有限责任公司 建信中证500指数增强型证券投资基金	2019-09 人民币 1.0000 1.0000	0.0000% 1.0000 1.0000	0.00%
0001 建信基金管理有限责任公司 建信中证500指数增强型证券投资基金	2019-09 人民币 1.0000 1.0000	0.0000% 1.0000 1.0000	0.00%
0001 建信基金管理有限责任公司 建信中证500指数增强型证券投资基金	2019-09 人民币 1.0000 1.0000	0.0000% 1.0000 1.0000	0.00%
0001 建信基金管理有限责任公司 建信中证500指数增强型证券投资基金	2019-09 人民币 1.0000 1.0000	0.0000% 1.0000 1.0000	0.00%
0001 建信基金管理有限责任公司 建信中证500指数增强型证券投资基金	2019-09 人民币 1.0000 1.0000	0.0000% 1.0000 1.0000	0.00%
0001 建信基金管理有限责任公司 建信中证500指数增强型证券投资基金	2019-09 人民币 1.0000 1.0000	0.0000% 1.0000 1.0000	0.00%
0001 建信基金管理有限责任公司 建信中证500指数增强型证券投资基金	2019-09 人民币 1.0000 1.0000	0.0000% 1.0000 1.0000	0.00%
0001 建信基金管理有限责任公司 建信中证500指数增强型证券投资基金	2019-09 人民币 1.0000 1.0000	0.0000% 1.0000 1.0000	0.00%
0001 建信基金管理有限责任公司 建信中证500指数增强型证券投资基金	2019-09 人民币 1.0000 1.0000	0.0000% 1.0000 1.0000	0.00%
0001 建信基金管理有限责任公司 建信中证500指数增强型证券投资基金	2019-09 人民币 1.0000 1.0000	0.0000% 1.0000 1.0000	0.00%
0001 建信基金管理有限责任公司 建信中证500指数增强型证券投资基金	2019-09 人民币 1.0000 1.0000	0.0000% 1.0000 1.0000	0.00%
0001 建信基金管理有限责任公司 建信中证500指数增强型证券投资基金	2019-09 人民币 1.0000 1.0000	0.0000% 1.0000 1.0000	0.00%
0001 建信基金管理有限责任公司 建信中证500指数增强型证券投资基金	2019-09 人民币 1.0000 1.0000	0.0000% 1.0000 1.0000	0.00%
0001 建信基金管理有限责任公司 建信中证500指数增强型证券投资基金	2019-09 人民币 1.0000 1.0000	0.0000% 1.0000 1.0000	0.00%
0001 建信基金管理有限责任公司 建信中证500指数增强型证券投资基金	2019-09 人民币 1.0000 1.0000	0.0000% 1.0000 1.0000	0.00%
0001 建信基金管理有限责任公司 建信中证500指数增强型证券投资基金	2019-09 人民币 1.0000 1.0000	0.0000% 1.0000 1.0000	0.00%
0001 建信基金管理有限责任公司 建信中证500指数增强型证券投资基金	2019-09 人民币 1.0000 1.0000	0.0000% 1.0000 1.0000	0.00%
0001 建信基金管理有限责任公司 建信中证500指数增强型证券投资基金	2019-09 人民币 1.0000 1.0000	0.0000% 1.0000 1.0000	0.00%
0001 建信基金管理有限责任公司 建信中证500指数增强型证券投资基金	2019-09 人民币 1.0000 1.0000	0.0000% 1.0000 1.0000	0.00%
0001 建信基金管理有限责任公司 建信中证500指数增强型证券投资基金	2019-09 人民币 1.0000 1.0000	0.0000% 1.0000 1.0000	0.00%
0001 建信基金管理有限责任公司 建信中证500指数增强型证券投资基金	2019-09 人民币 1.0000 1.0000	0.0000% 1.0000 1.0000	0.00%
0001 建信基金管理有限责任公司 建信中证500指数增强型证券投资基金	2019-09 人民币 1.0000 1.0000	0.0000% 1.0000 1.0000	0.00%
0001 建信基金管理有限责任公司 建信中证500指数增强型证券投资基金	2019-09 人民币 1.0000 1.0000	0.0000% 1.0000 1.0000	0.00%
0001 建信基金管理有限责任公司 建信中证500指数增强型证券投资基金	2019-09 人民币 1.0000 1.0000	0.0000% 1.0000 1.0000	0.00%
0001 建信基金管理有限责任公司 建信中证500指数增强型证券投资基金	2019-09 人民币 1.0000 1.0000	0.0000% 1.0000 1.0000	0.00%
0001 建信基金管理有限责任公司 建信中证500指数增强型证券投资基金	2019-09 人民币 1.0000 1.0000	0.0000% 1.0000 1.0000	0.00%
0001 建信基金管理有限责任公司 建信中证500指数增强型证券投资基金	2019-09 人民币 1.0000 1.0000	0.0000% 1.0000 1.0000	0.00%
0001 建信基金管理有限责任公司 建信中证500指数增强型证券投资基金	2019-09 人民币 1.0000 1.0000	0.0000% 1.0000 1.0000	0.00%
0001 建信基金管理有限责任公司 建信中证500指数增强型证券投资基金	2019-09 人民币 1.0000 1.0000	0.0000% 1.0000 1.0000	0.00%
0001 建信基金管理有限责任公司 建信中证500指数增强型证券投资基金	2019-09 人民币 1.0000 1.0000	0.0000% 1.0000 1.0000	0.00%
0001 建信基金管理有限责任公司 建信中证500指数增强型证券投资基金	2019-09 人民币 1.0000 1.0000	0.0000% 1.0000 1.0000	0.00%
0001 建信基金管理有限责任公司 建信中证500指数增强型证券投资基金	2019-09 人民币 1.0000 1.0000	0.0000% 1.0000 1.0000	0.00%
0001 建信基金管理有限责任公司 建信中证500指数增强型证券投资基金	2019-09 人民币 1.0000 1.0000	0.0000% 1.0000 1.0000	0.00%
0001 建信基金管理有限责任公司 建信中证500指数增强型证券投资基金	2019-09 人民币 1.0000 1.0000	0.0000% 1.0000 1.0000	0.00%
0001 建信基金管理有限责任公司 建信中证500指数增强型证券投资基金	2019-09 人民币 1.0000 1.0000	0.0000% 1.0000 1.0000	0.00%
0001 建信基金管理有限责任公司 建信中证500指数增强型证券投资基金	2019-09 人民币 1.0000 1.0000	0.0000% 1.0000 1.0000	0.00%
0001 建信基金管理有限责任公司 建信中证500指数增强型证券投资基金	2019-09 人民币 1.0000 1.0000	0.0000% 1.0000 1.0000	0.00%
0001 建信基金管理有限责任公司 建信中证500指数增强型证券投资基金	2019-09 人民币 1.0000 1.0000	0.0000% 1.0000 1.0000	0.00%
0001 建信基金管理有限责任公司 建信中证500指数增强型证券投资基金	2019-09 人民币 1.0000 1.0000	0.0000% 1.0000 1.0000	0.00%
0001 建信基金管理有限责任公司 建信中证500指数增强型证券投资基金	2019-09 人民币 1.0000 1.0000	0.0000% 1.0000 1.0000	0.00%
0001 建信基金管理有限责任公司 建信中证500指数增强型证券投资基金	2019-09 人民币 1.0000 1.0000	0.0000% 1.0000 1.0000	0.00%
0001 建信基金管理有限责任公司 建信中证500指数增强型证券投资基金	2019-09 人民币 1.0000 1.0000	0.0000% 1.0000 1.0000	0.00%
0001 建信基金管理有限责任公司 建信中证500指数增强型证券投资基金	2019-09 人民币 1.0000 1.0000	0.0000% 1.0000 1.0000	0.00%
0001 建信基金管理有限责任公司 建信中证500指数增强型证券投资基金	2019-09 人民币 1.0000 1.0000	0.0000% 1.0000 1.0000	0.00%
0001 建信基金管理有限责任公司 建信中证500指数增强型证券投资基金	2019-09 人民币 1.0000 1.0000	0.0000% 1.0000 1.0000	0.00%
0001 建信基金管理有限责任公司 建信中证500指数增强型证券投资基金	2019-09 人民币 1.0000 1.0000	0.0000% 1.0000 1.0000	0.00%
0001 建信基金管理有限责任公司 建信中证500指数增强型证券投资基金	2019-09 人民币 1.0000 1.0000	0.0000% 1.0000 1.0000	0.00%
0001 建信基金管理有限责任公司 建信中证500指数增强型证券投资基金	2019-09 人民币 1.0000 1.0000	0.0000% 1.0000 1.0000	0.00%
0001 建信基金管理有限责任公司 建信中证500指数增强型证券投资基金	2019-09 人民币 1.0000 1.0000	0.0000% 1.0000 1.0000	0.00%
0001 建信基金管理有限责任公司 建信中证500指数增强型证券投资基金	2019-09 人民币 1.0000 1.0000	0.0000% 1.0000 1.0000	0.00%
0001 建信基金管理有限责任公司 建信中证500指数增强型证券投资基金	2019-09 人民币 1.0000 1.0000	0.0000% 1.0000 1.0000	0.00%
0001 建信基金管理有限责任公司 建信中证500指数增强型证券投资基金	2019-09 人民币 1.0000 1.0000	0.0000% 1.0000 1.0000	0.00%
0001 建信基金管理有限责任公司 建信中证500指数增强型证券投资基金	2019-09 人民币 1.0000 1.0000	0.0000% 1.0000 1.0000	0.00%
0001 建信基金管理有限责任公司 建信中证500指数增强型证券投资基金	2019-09 人民币 1.0000 1.0000	0.0000% 1.0000 1.0000	0.00%
0001 建信基金管理有限责任公司 建信中证500指数增强型证券投资基金	2019-09 人民币 1.0000 1.0000	0.0000% 1.0000 1.0000	0.00%
0001 建信基金管理有限责任公司 建信中证500指数增强型证券投资基金	2019-09 人民币 1.0000 1.0000	0.0000% 1.0000 1.0000	0.00%
0001 建信基金管理有限责任公司 建信中证500指数增强型证券投资基金	2019-09 人民币 1.0000 1.0000	0.0000% 1.0000 1.0000	0.00%
0001 建信基金管理有限责任公司 建信中证500指数增强型证券投资基金	2019-09 人民币 1.0000 1.0000	0.0000% 1.0000 1.0000	0.00%
0001 建信基金管理有限责任公司 建信中证500指数增强型证券投资基金	2019-09 人民币 1.0000 1.0000	0.0000% 1.0000 1.0000	0.00%
0001 建信基金管理有限责任公司 建信中证500指数增强型证券投资基金	2019-09 人民币 1.0000 1.0000	0.0000% 1.0000 1.0000	0.00%
0001 建信基金管理有限责任公司 建信中证500指数增强型证券投资基金	2019-09 人民币 1.0000 1.0000	0.0000% 1.0000 1.0000	0.00%
0001 建信基金管理有限责任公司 建信中证500指数增强型证券投资基金	2019-09 人民币 1.0000 1.0000	0.0000% 1.0000 1.0000	0.00%
0001 建信基金管理有限责任公司 建信中证500指数增强型证券投资基金	2019-09 人民币 1.0000 1.0000	0.0000% 1.0000 1.0000	0.00%
0001 建信基金管理有限责任公司 建信中证500指数增强型证券投资基金	2019-09 人民币 1.0000 1.0000	0.0000% 1.0000 1.0000	0.00%
0001 建信基金管理有限责任公司 建信中证500指数增强型证券投资基金	2019-09 人民币 1.0000 1.0000	0.0000% 1.0000 1.0000	0.00%
0001 建信基金管理有限责任公司 建信中证500指数增强型证券投资基金	2019-09 人民币 1.0000 1.0000	0.0000% 1.0000 1.0000	0.00%
0001 建信基金管理有限责任公司 建信中证500指数增强型证券投资基金	2019-09 人民币 1.0000 1.0000	0.0000% 1.0000 1.0000	0.00%
0001 建信基金管理有限责任公司 建信中证500指数增强型证券投资基金	2019-09 人民币 1.0000 1.0000	0.0000% 1.0000 1.0000	0.00%
0001 建信基金管理有限责任公司 建信中证500指数增强型证券投资基金	2019-09 人民币 1.0000 1.0000	0.0000% 1.0000 1.0000	0.00%
0001 建信基金管理有限责任公司 建信中证500指数增强型证券投资基金	2019-09 人民币 1.0000 1.0000	0.0000% 1.0000 1.0000	0.00%
0001 建信基金管理有限责任公司 建信中证500指数增强型证券投资基金	2019-09 人民币 1.0000 1.0000	0.0000% 1.0000 1.0000	0.00%
0001 建信基金管理有限责任公司 建信中证500指数增强型证券投资基金	2019-09 人民币 1.0000 1.0000	0.0000% 1.0000 1.0000	0.00%
0001 建信基金管理有限责任公司 建信中证500指数增强型证券投资基金	2019-09 人民币 1.0000 1.0000	0.0000% 1.0000 1.0000	0.00%
0001 建信基金管理有限责任公司 建信中证500指数增强型证券投资基金	2019-09 人民币 1.0000 1.0000	0.0000% 1.0000 1.0000	0.00%
0001 建信基金管理有限责任公司 建信中证500指数增强型证券投资基金	2019-09 人民币 1.0000 1.0000	0.0000% 1.0000 1.0000	0.00%
0001 建信基金管理有限责任公司 建信中证500指数增强型证券投资基金	2019-09 人民币 1.0000 1.0000	0.0000% 1.0000 1.0000	0.00%
0001 建信基金管理有限责任公司 建信中证500指数增强型证券投资基金	2019-09 人民币 1.0000 1.0000	0.0000% 1.0000 1.0000	0.00%
0001 建信基金管理有限责任公司 建信中证500指数增强型证券投资基金	2019-09 人民币 1.0000 1.0000	0.0000% 1.0000 1.0000	0.00%
0001 建信基金管理有限责任公司 建信中证500指数增强型证券投资基金	2019-09 人民币 1.0000 1.0000	0.0000% 1.0000 1.0000	0.00%
0001 建信基金管理有限责任公司 建信中证500指数增强型证券投资基金	2019-09 人民币 1.0000 1.0000	0.0000% 1.0000 1.0000	0.00%
0001 建信基金管理有限责任公司 建信中证500指数增强型证券投资基金	2019-09 人民币 1.0000 1.0000	0.0000% 1.0000 1.0000	0.00%
0001 建信基金管理有限责任公司 建信中证500指数增强型证券投资基金	2019-09 人民币 1.0000 1.0000	0.0000% 1.0000 1.0000	0.00%
0001 建信基金管理有限责任公司 建信中证500指数增强型证券投资基金	2019-09 人民币 1.0000 1.0000	0.0000% 1.0000 1.0000	0.00%
0001 建信基金管理有限责任公司 建信中证500指数增强型证券投资基金	2019-09 人民币 1.0000 1.0000	0.0000% 1.0000 1.0000	0.00%
0001 建信基金管理有限责任公司 建信中证500指数增强型证券投资基金	2019-09 人民币 1.0000 1.0000	0.0000% 1.0000 1.0000	0.00%
0001 建信基金管理有限责任公司 建信中证500指数增强型证券投资基金	2019-09 人民币 1.0000 1.0000	0.0000% 1.0000 1.0000	0.00%
0001 建信基金管理有限责任公司 建信中证500指数增强型证券投资基金	2019-09 人民币 1.0000 1.0000	0.0000% 1.0000 1.0000	0.00%
0001 建信基金管理有限责任公司 建信中证500指数增强型证券投资基金	2019-09 人民币 1.0000 1.0000	0.0000% 1.0000 1.0000	0.00%
0001 建信基金管理有限责任公司 建信中证500指数增强型证券投资基金	2019-09 人民币 1.0000 1.0000	0.0000% 1.0000 1.0000	0.00%
0001 建信基金管理有限责任公司 建信中证500指数增强型证券投资基金	2019-09 人民币 1.0000 1.0000	0.0000% 1.0000 1.0000	0.00%
0001 建信基金管理有限责任公司 建信中证500指数增强型证券投资基金	2019-09 人民币 1.0000 1.0000	0.0000% 1.0000 1.0000	0.00%
0001 建信基金管理有限责任公司 建信中证500指数增强型证券投资基金	2019-09 人民币 1.0000 1.0000	0.0000% 1.0000 1.0000	0.00%
0001 建信基金管理有限责任公司 建信中证500指数增强型证券投资基金	2019-09 人民币 1.0000 1.0000	0.0000% 1.0000 1.0000	0.00%
0001 建信基金管理有限责任公司 建信中证500指数增强型证券投资基金	2019-09 人民币 1.0000 1.0000	0.0000% 1.0000 1.0000	0.00%
0001 建信基金管理有限责任公司 建信中证500指数增强型证券投资基金	2019-09 人民币 1.0000 1.0000	0.0000% 1.0000 1.0000	0.00%
0001 建信基金管理有限责任公司 建信中证500指数增强型证券投资基金	2019-09 人民币 1.0000 1.0000	0.0000% 1.0000 1.0000	0.00%
0001 建信基金管理有限责任公司 建信中证500指数增强型证券投资基金	2019-09 人民币 1.0000 1.0000	0.0000% 1.0000 1.0000	0.00%
0001 建信基金管理有限责任公司 建信中证500指数增强型证券投资基金	2019-09 人民币 1.0000 1.0000	0.0000% 1.0000 1.0000	0.00%
0001 建信基金管理有限责任公司 建信中证500指数增强型证券投资基金	2019-09 人民币 1.0000 1.0000	0.0000% 1.0000 1.0000	0.00%
0001 建信基金管理有限责任公司 建信中证500指数增强型证券投资基金	2019-09 人民币 1.0000 1.0000	0.0000% 1.0000 1.0000	0.00%
0001 建信基金管理有限责任公司 建信中证500指数增强型证券投资基金	2019-09 人民币 1.0000 1.0000	0.0000% 1.0000 1.0000	0.00%
0001 建信基金管理有限责任公司 建信中证500指数增强型证券投资基金	2019-09 人民币 1.0000 1.0000	0.0000% 1.0000 1.0000	0.00%
0001 建信基金管理有限责任公司 建信中证500指数增强型证券投资基金	2019-09 人民币 1.0000 1.0000	0.0000% 1.0000 1.0000	0.00%
0001 建信基金管理有限责任公司 建信中证500指数增强型证券投资基金	2019-09 人民币 1.0000 1.0000	0.0000% 1.0000 1.0000	0.00%
0001 建信基金管理有限责任公司 建信中证500指数增强型证券投资基金	2019-09 人民币 1.0000 1.0000	0.0000% 1.0000 1.0000	0.00%
0001 建信基金管理有限责任公司 建信中证500指数增强型证券投资基金	2019-09 人民币 1.0000 1.0000	0.0000% 1.0000 1.0000	0.00%
0001 建信基金管理有限责任公司 建信中证500指数增强型证券投资基金	2019-09 人民币 1.0000 1.0000	0.0000% 1.0000 1.0000	0.00%
0001 建信基金管理有限责任公司 建信中证500指数增强型证券投资基金	2019-09 人民币 1.0000 1.0000	0.0000% 1.0000 1.0000	0.00%
0001 建信基金管理有限责任公司 建信中证500指数增强型证券投资基金	2019-09 人民币 1.0000 1.0000	0.0000% 1.0000 1.0000	0.00%
0001 建信基金管理有限责任公司 建信中证500指数增强型证券投资基金	2019-09 人民币 1.0000 1.0000	0.0000% 1.0000 1.0000	0.00%
0001 建信基金管理有限责任公司 建信中证500指数增强型证券投资基金	2019-09 人民币 1.0000 1.0000	0.0000% 1.0000 1.0000	0.00%
0001 建信基金管理有限责任公司 建信中证500指数增强型证券投资基金	2019-09 人民币 1.0000 1.0000	0.0000% 1.0000 1.0000	0.00%
0001 建信基金管理有限责任公司 建信中证500指数增强型证券投资基金	2019-09 人民币 1.0000 1.0000	0.0000% 1.0000 1.0000	0.00%
0001 建信基金管理有限责任公司 建信中证500指数增强型证券投资基金	2019-09 人民币 1.0000 1.0000	0.0000% 1.0000 1.0000	0.00%
0001 建信基金管理有限责任公司 建信中证500指数增强型证券投资基金	2019-09 人民币 1.0000 1.0000	0.0000% 1.0000 1.0000	0.00%
0001 建信基金管理有限责任公司 建信中证500指数增强型证券投资基金	2019-09 人民币 1.0000 1.0000	0.0000% 1.0000 1.0000	0.00%
0001 建信基金管理有限责任公司 建信中证500指数增强型证券投资基金	2019-09 人民币 1.0000 1.0000	0.0000% 1.0000 1.0000	0.00%
0001 建信基金管理有限责任公司 建信中证500指数增强型证券投资基金	2019-09 人民币 1.0000 1.0000	0.0000% 1.0000 1.0000	0.00%
0001 建信基金管理有限责任公司 建信中证500指数增强型证券投资基金	2019-09 人民币 1.0000 1.0000	0.0000% 1.0000 1.0000	0.00%
0001 建信基金管理有限责任公司 建信中证500指数增强型证券投资基金	2019-09 人民币 1.0000 1.0000	0.0000% 1.0000 1.0000	0.00%
0001 建信基金管理有限责任公司 建信中证500指数增强型证券投资基金	2019-09 人民币 1.0000 1.0000	0.0000% 1.0000 1.0000	0.00%
0001 建信基金管理有限责任公司 建信中证500指数增强型证券投资基金	2019-09 人民币 1.0000 1.0000	0.0000% 1.0000 1.0000	0.00%
0001 建信基金管理有限责任公司 建信中证500指数增强型证券投资基金	2019-09 人民币 1.0000 1.0000	0.0000% 1.0000 1.0000	0.00%
0001 建信基金管理有限责任公司 建信中证500指数增强型证券投资基金	2019-09 人民币 1.0000 1.0000	0.0000% 1.0000 1.0000	0.00%
0001 建信基金管理有限责任公司 建信中证500指数增强型证券投资基金	2019-09 人民币 1.0000 1.0000	0.0000% 1.0000 1.0000	0.00%
0001 建信基金管理有限责任公司 建信中证500指数增强型证券投资基金	2019-09 人民币 1.0000 1.0000	0.0000% 1.0000 1.0000	0.00%
0001 建信基金管理有限责任公司 建信中证500指数增强型证券投资基金	2019-09 人民币 1.0000 1.0000	0.0000% 1.0000 1.0000	0.00%
0001 建信基金管理有限责任公司 建信中证500指数增强型证券投资基金	2019-09 人民币 1.0000 1.0000	0.0000% 1.0000 1.0000	0.00%
0001 建信基金管理有限责任公司 建信中证500指数增强型证券投资基金	2019-09 人民币 1.0000 1.0000	0.0000% 1.0000 1.0000	0.00%
0001 建信基金管理有限责任公司 建信中证500指数增强型证券投资基金	2019-09 人民币 1.0000 1.0000	0.0000% 1.0000 1.0000	0.00%
0001 建信基金管理有限责任公司 建信中证500指数增强型证券投资基金	2019-09 人民币 1.0000 1.0000	0.0000% 1.0000 1.0000	0.00%
0001 建信基金管理有限责任公司 建信中证500指数增强型证券投资基金	2019-09 人民币 1.0000 1.0000	0.0000% 1.0000 1.0000	0.00%
0001 建信基金管理有限责任公司 建信中证500指数增强型证券投资基金	2019-09 人民币 1.0000 1.0000	0.0000% 1.0000 1.0000	0.00%
0001 建信基金管理有限责任公司 建信中证500指数增强型证券投资基金	2019-09 人民币 1.0000 1.0000	0.0000% 1.0000 1.0000	0.00%
0001 建信基金管理有限责任公司 建信中证500指数增强型证券投资基金	2019-09 人民币 1.0000 1.0000	0.0000% 1.0000 1.0000	0.00%
0001 建信基金管理有限责任公司 建信中证500指数增强型证券投资基金	2019-09 人民币 1.0000 1.0000	0.0000% 1.0000 1.0000	0.00%
0001 建信基金管理有限责任公司 建信中证500指数增强型证券投资基金	2019-09 人民币 1.0000 1.0000	0.0000% 1.0000 1.0000	0.00%
0001 建信基金管理有限责任公司 建信中证500指数增强型证券投资基金	2019-09 人民币 1.0000 1.0000	0.0000% 1.0000 1.0000	0.00%
0001 建信基金管理有限责任公司 建信中证500指数增强型证券投资基金	2019-09 人民币 1.0000 1.0000	0.0000% 1.0000 1.0000	0.00%
0001 建信基金管理有限责任公司 建信中证500指数增强型证券投资基金	2019-09 人民币 1.0000 1.0000	0.0000% 1.0000 1.0000	0.00%
0001 建信基金管理有限责任公司 建信中证500指数增强型证券投资基金	2019-09 人民币 1.0000 1.0000	0.0000% 1.0000 1.0000	0.00%
0001 建信基金管理有限责任公司 建信中证500指数增强型证券投资基金	2019-09 人民币 1.0000 1.0000	0.0000% 1.0000 1.0000	0.00%
0001 建信基金管理有限责任公司 建信中证500指数增强型证券投资基金	2019-09 人民币 1.0000 1.0000	0.0000% 1.0000 1.0000	0.00%
0001 建信基金管理有限责任公司 建信中证500指数增强型证券投资基金	2019-09 人民币 1.0000 1.0000	0.0000% 1.0000 1.0000	0.00%
0001 建信基金管理有限责任公司 建信中证500指数增强型证券投资基金	2019-09 人民币 1.0000 1.0000	0.0000% 1.0000 1.0000	0.00%
0001 建信基金管理有限责任公司 建信中证500指数增强型证券投资基金	2019-09 人民币 1.0000 1.0000	0.0000% 1.0000 1.0000	0.00%
